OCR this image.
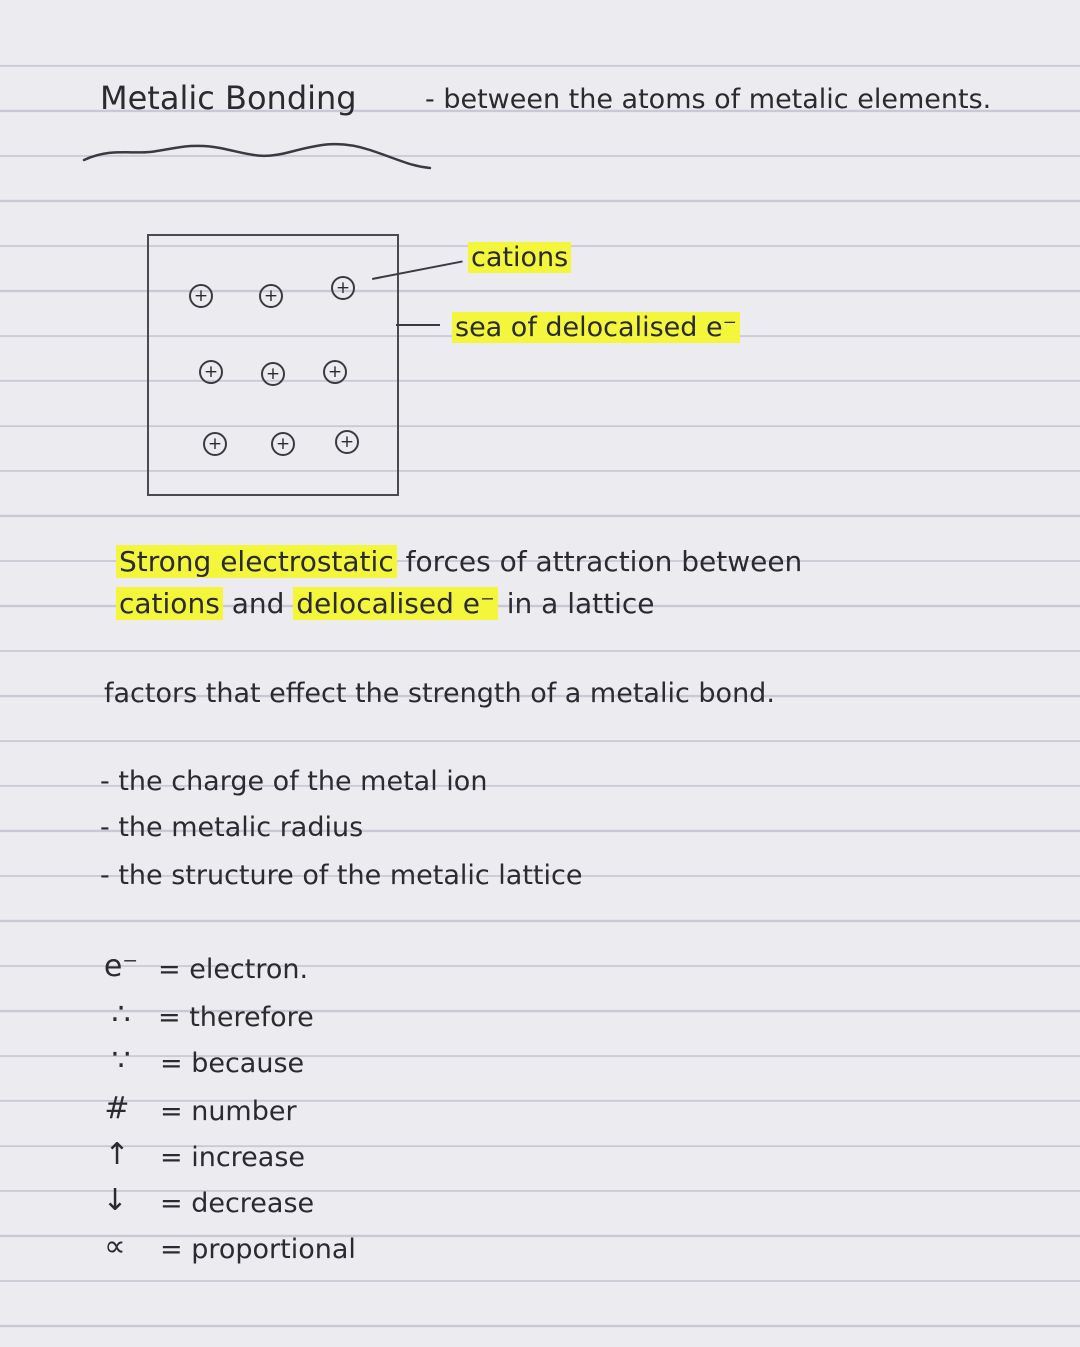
Metalic Bonding	- between the atoms of metalic elements.
+	+	+
+	+	+
+	+	+
cations
sea of delocalised e⁻
Strong electrostatic forces of attraction between
cations and delocalised e⁻ in a lattice
factors that effect the strength of a metalic bond.
- the charge of the metal ion
- the metalic radius
- the structure of the metalic lattice
e⁻ = electron.
∴	= therefore
∵	= because
#	= number
↑	= increase
↓	= decrease
∝	= proportional
